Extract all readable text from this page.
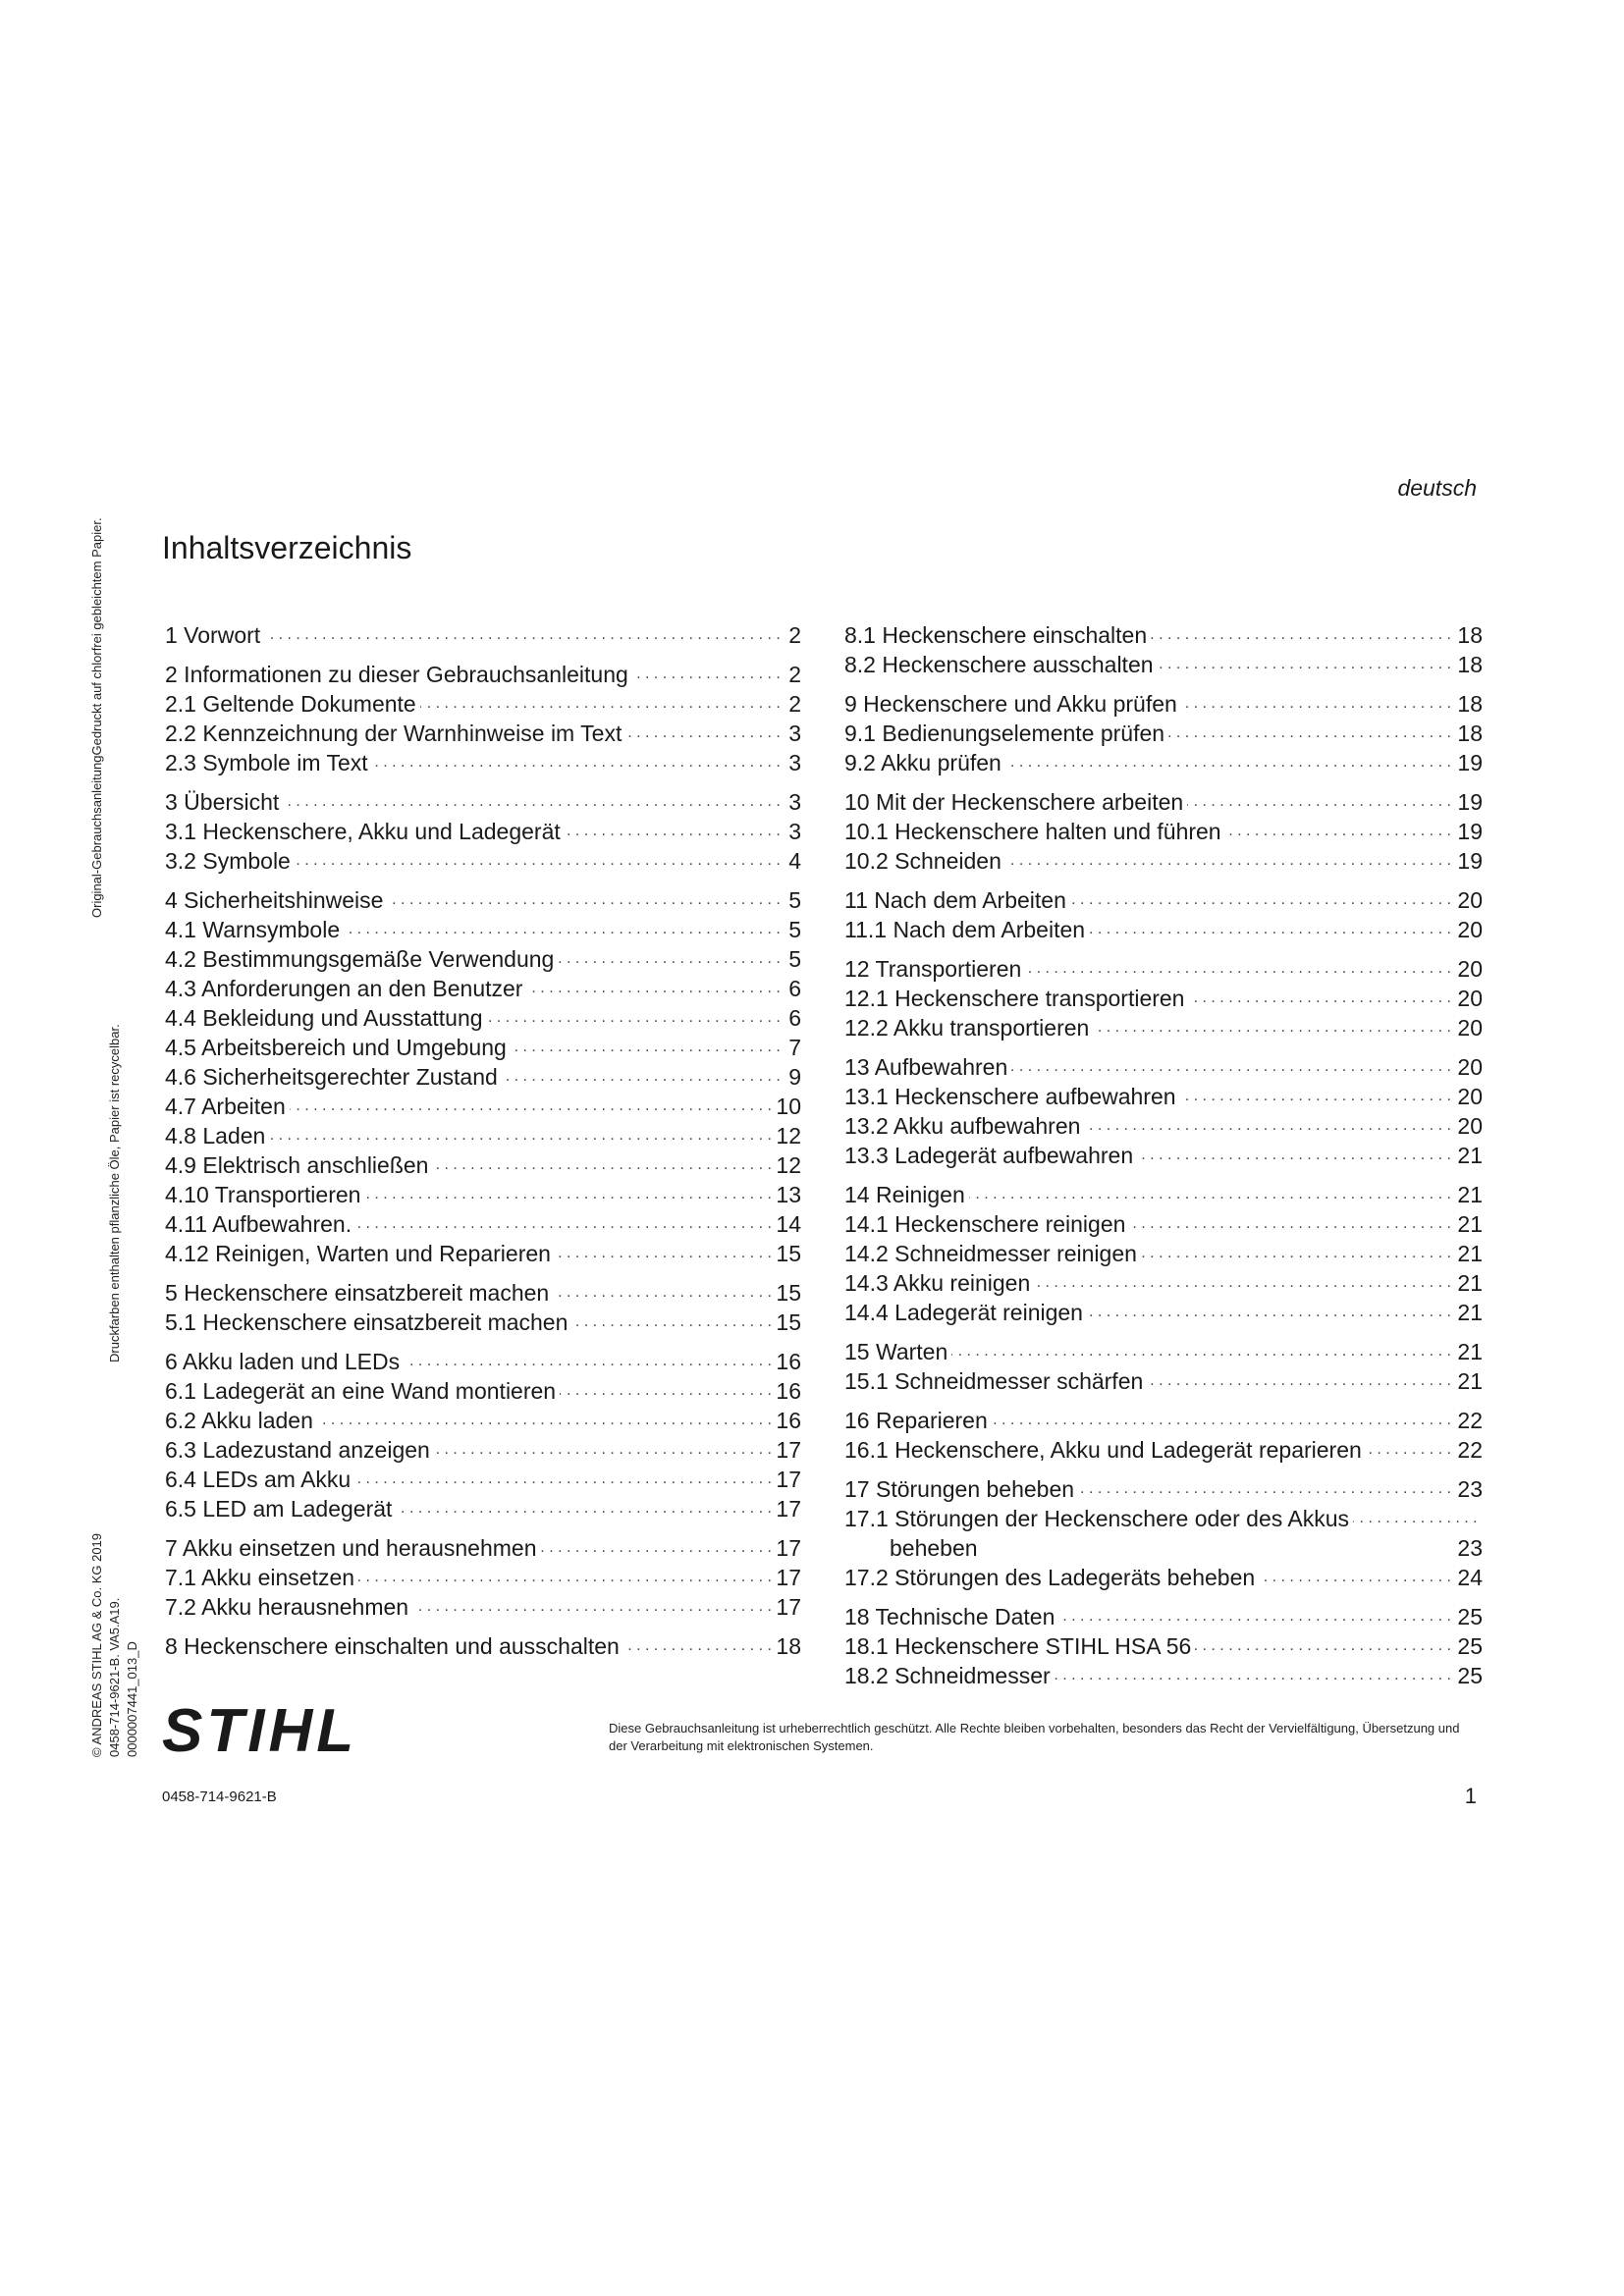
Original-GebrauchsanleitungGedruckt auf chlorfrei gebleichtem Papier.
Druckfarben enthalten pflanzliche Öle, Papier ist recycelbar.
© ANDREAS STIHL AG & Co. KG 2019 0458-714-9621-B. VA5.A19. 0000007441_013_D
deutsch
Inhaltsverzeichnis
. . . 1 Vorwort	2
. . . 2 Informationen zu dieser Gebrauchsanleitung	2
. . . 2.1 Geltende Dokumente	2
. . . 2.2 Kennzeichnung der Warnhinweise im Text	3
. . . 2.3 Symbole im Text	3
. . . 3 Übersicht	3
. . . 3.1 Heckenschere, Akku und Ladegerät	3
. . . 3.2 Symbole	4
. . . 4 Sicherheitshinweise	5
. . . 4.1 Warnsymbole	5
. . . 4.2 Bestimmungsgemäße Verwendung	5
. . . 4.3 Anforderungen an den Benutzer	6
. . . 4.4 Bekleidung und Ausstattung	6
. . . 4.5 Arbeitsbereich und Umgebung	7
. . . 4.6 Sicherheitsgerechter Zustand	9
. . . 4.7 Arbeiten	10
. . . 4.8 Laden	12
. . . 4.9 Elektrisch anschließen	12
. . . 4.10 Transportieren	13
. . . 4.11 Aufbewahren.	14
. . . 4.12 Reinigen, Warten und Reparieren	15
. . . 5 Heckenschere einsatzbereit machen	15
. . . 5.1 Heckenschere einsatzbereit machen	15
. . . 6 Akku laden und LEDs	16
. . . 6.1 Ladegerät an eine Wand montieren	16
. . . 6.2 Akku laden	16
. . . 6.3 Ladezustand anzeigen	17
. . . 6.4 LEDs am Akku	17
. . . 6.5 LED am Ladegerät	17
. . . 7 Akku einsetzen und herausnehmen	17
. . . 7.1 Akku einsetzen	17
. . . 7.2 Akku herausnehmen	17
. . . 8 Heckenschere einschalten und ausschalten	18
. . . 8.1 Heckenschere einschalten	18
. . . 8.2 Heckenschere ausschalten	18
. . . 9 Heckenschere und Akku prüfen	18
. . . 9.1 Bedienungselemente prüfen	18
. . . 9.2 Akku prüfen	19
. . . 10 Mit der Heckenschere arbeiten	19
. . . 10.1 Heckenschere halten und führen	19
. . . 10.2 Schneiden	19
. . . 11 Nach dem Arbeiten	20
. . . 11.1 Nach dem Arbeiten	20
. . . 12 Transportieren	20
. . . 12.1 Heckenschere transportieren	20
. . . 12.2 Akku transportieren	20
. . . 13 Aufbewahren	20
. . . 13.1 Heckenschere aufbewahren	20
. . . 13.2 Akku aufbewahren	20
. . . 13.3 Ladegerät aufbewahren	21
. . . 14 Reinigen	21
. . . 14.1 Heckenschere reinigen	21
. . . 14.2 Schneidmesser reinigen	21
. . . 14.3 Akku reinigen	21
. . . 14.4 Ladegerät reinigen	21
. . . 15 Warten	21
. . . 15.1 Schneidmesser schärfen	21
. . . 16 Reparieren	22
. . . 16.1 Heckenschere, Akku und Ladegerät reparieren	22
. . . 17 Störungen beheben	23
. . . 17.1 Störungen der Heckenschere oder des Akkus
beheben	23
. . . 17.2 Störungen des Ladegeräts beheben	24
. . . 18 Technische Daten	25
. . . 18.1 Heckenschere STIHL HSA 56	25
. . . 18.2 Schneidmesser	25
STIHL	Diese Gebrauchsanleitung ist urheberrechtlich geschützt. Alle Rechte bleiben vorbehalten, besonders das Recht der Vervielfältigung, Übersetzung und der Verarbeitung mit elektronischen Systemen.
0458-714-9621-B	1
